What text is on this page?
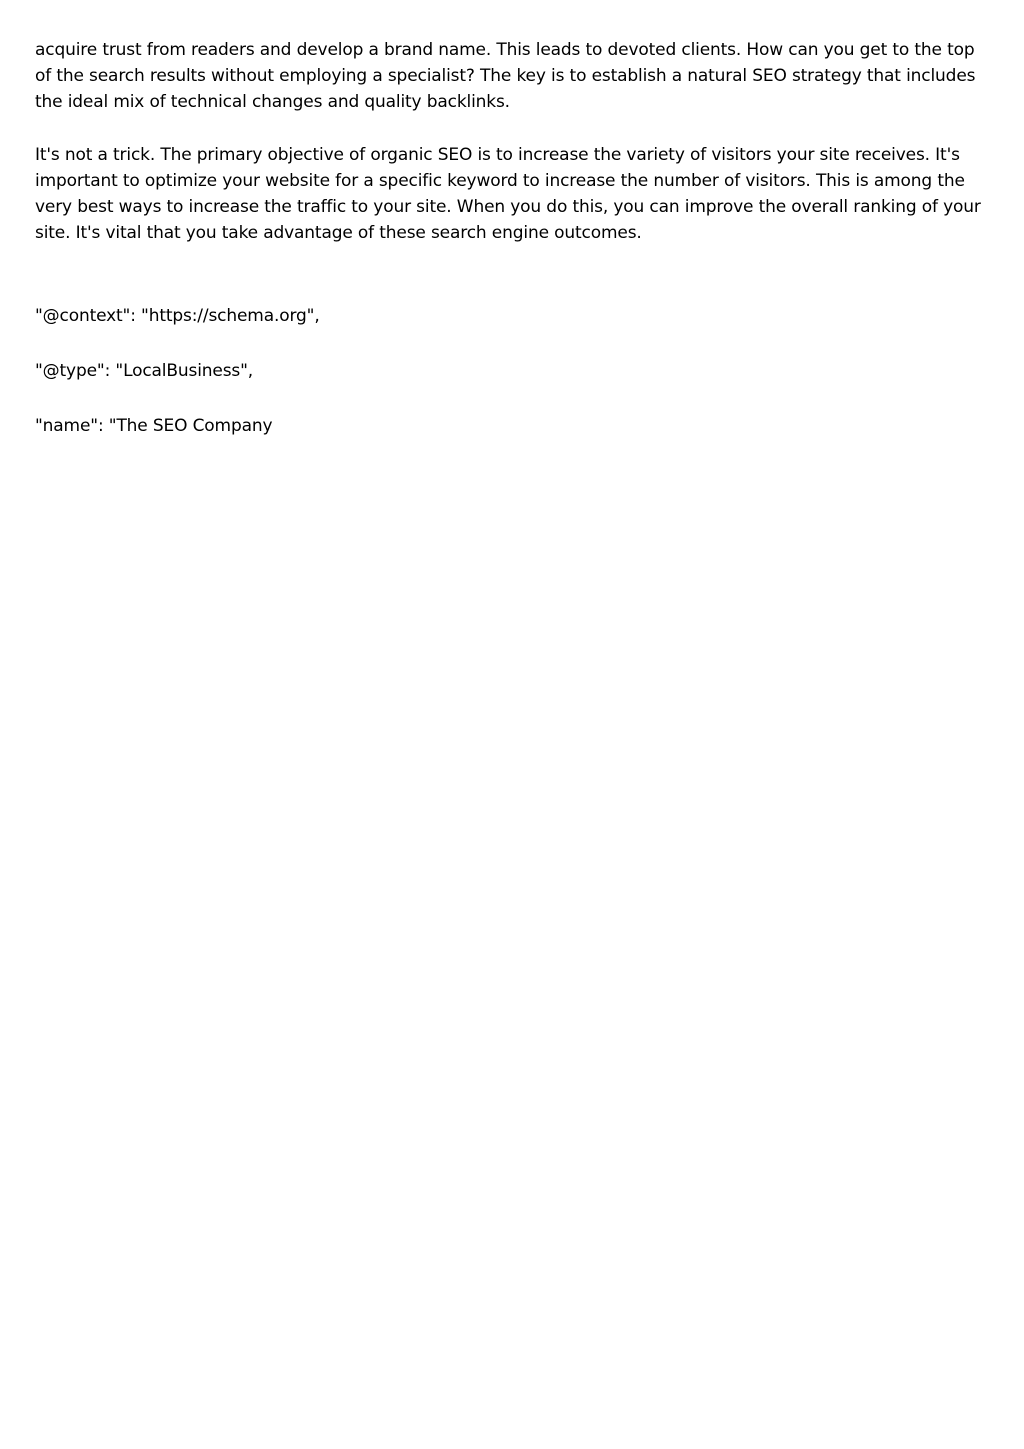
acquire trust from readers and develop a brand name. This leads to devoted clients. How can you get to the top of the search results without employing a specialist? The key is to establish a natural SEO strategy that includes the ideal mix of technical changes and quality backlinks.

It's not a trick. The primary objective of organic SEO is to increase the variety of visitors your site receives. It's important to optimize your website for a specific keyword to increase the number of visitors. This is among the very best ways to increase the traffic to your site. When you do this, you can improve the overall ranking of your site. It's vital that you take advantage of these search engine outcomes.

"@context": "https://schema.org",

"@type": "LocalBusiness",

"name": "The SEO Company
